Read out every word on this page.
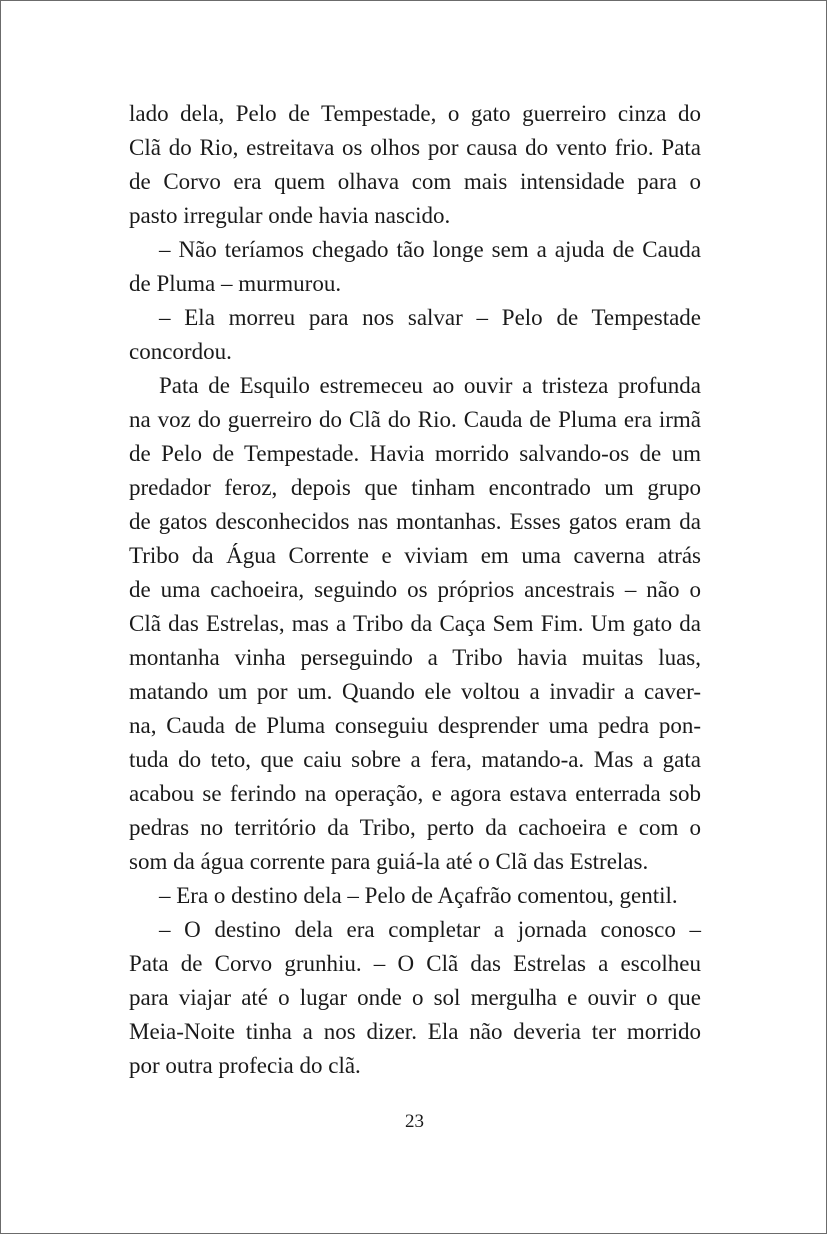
lado dela, Pelo de Tempestade, o gato guerreiro cinza do
Clã do Rio, estreitava os olhos por causa do vento frio. Pata
de Corvo era quem olhava com mais intensidade para o
pasto irregular onde havia nascido.
– Não teríamos chegado tão longe sem a ajuda de Cauda
de Pluma – murmurou.
– Ela morreu para nos salvar – Pelo de Tempestade
concordou.
Pata de Esquilo estremeceu ao ouvir a tristeza profunda
na voz do guerreiro do Clã do Rio. Cauda de Pluma era irmã
de Pelo de Tempestade. Havia morrido salvando-os de um
predador feroz, depois que tinham encontrado um grupo
de gatos desconhecidos nas montanhas. Esses gatos eram da
Tribo da Água Corrente e viviam em uma caverna atrás
de uma cachoeira, seguindo os próprios ancestrais – não o
Clã das Estrelas, mas a Tribo da Caça Sem Fim. Um gato da
montanha vinha perseguindo a Tribo havia muitas luas,
matando um por um. Quando ele voltou a invadir a caver-
na, Cauda de Pluma conseguiu desprender uma pedra pon-
tuda do teto, que caiu sobre a fera, matando-a. Mas a gata
acabou se ferindo na operação, e agora estava enterrada sob
pedras no território da Tribo, perto da cachoeira e com o
som da água corrente para guiá-la até o Clã das Estrelas.
– Era o destino dela – Pelo de Açafrão comentou, gentil.
– O destino dela era completar a jornada conosco –
Pata de Corvo grunhiu. – O Clã das Estrelas a escolheu
para viajar até o lugar onde o sol mergulha e ouvir o que
Meia-Noite tinha a nos dizer. Ela não deveria ter morrido
por outra profecia do clã.
23
